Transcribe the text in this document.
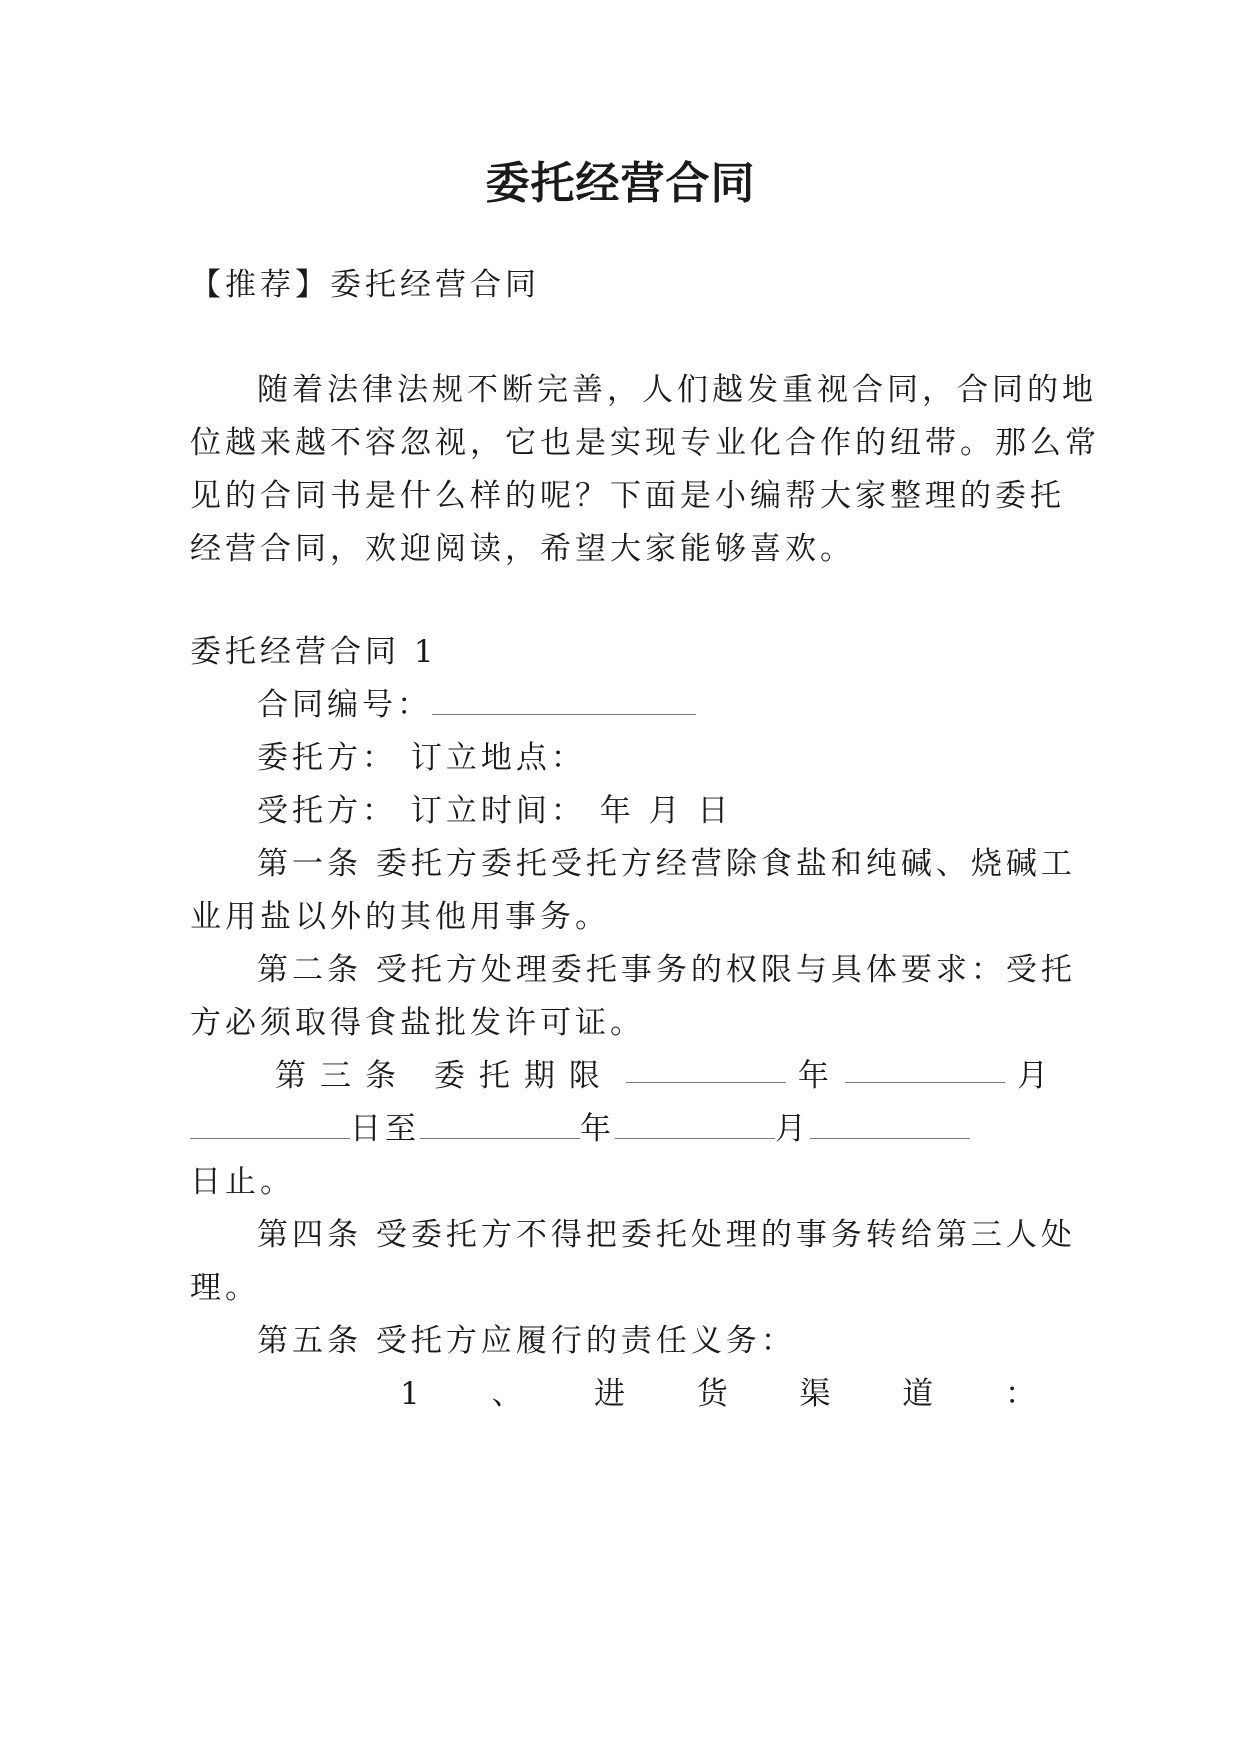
委托经营合同
【推荐】委托经营合同
随着法律法规不断完善，人们越发重视合同，合同的地
位越来越不容忽视，它也是实现专业化合作的纽带。那么常
见的合同书是什么样的呢？下面是小编帮大家整理的委托
经营合同，欢迎阅读，希望大家能够喜欢。
委托经营合同 1
合同编号：
委托方： 订立地点：
受托方： 订立时间： 年 月 日
第一条 委托方委托受托方经营除食盐和纯碱、烧碱工
业用盐以外的其他用事务。
第二条 受托方处理委托事务的权限与具体要求：受托
方必须取得食盐批发许可证。
第三条 委托期限	年	月
日至	年	月
日止。
第四条 受委托方不得把委托处理的事务转给第三人处
理。
第五条 受托方应履行的责任义务：
1 、 进 货 渠 道 ：
